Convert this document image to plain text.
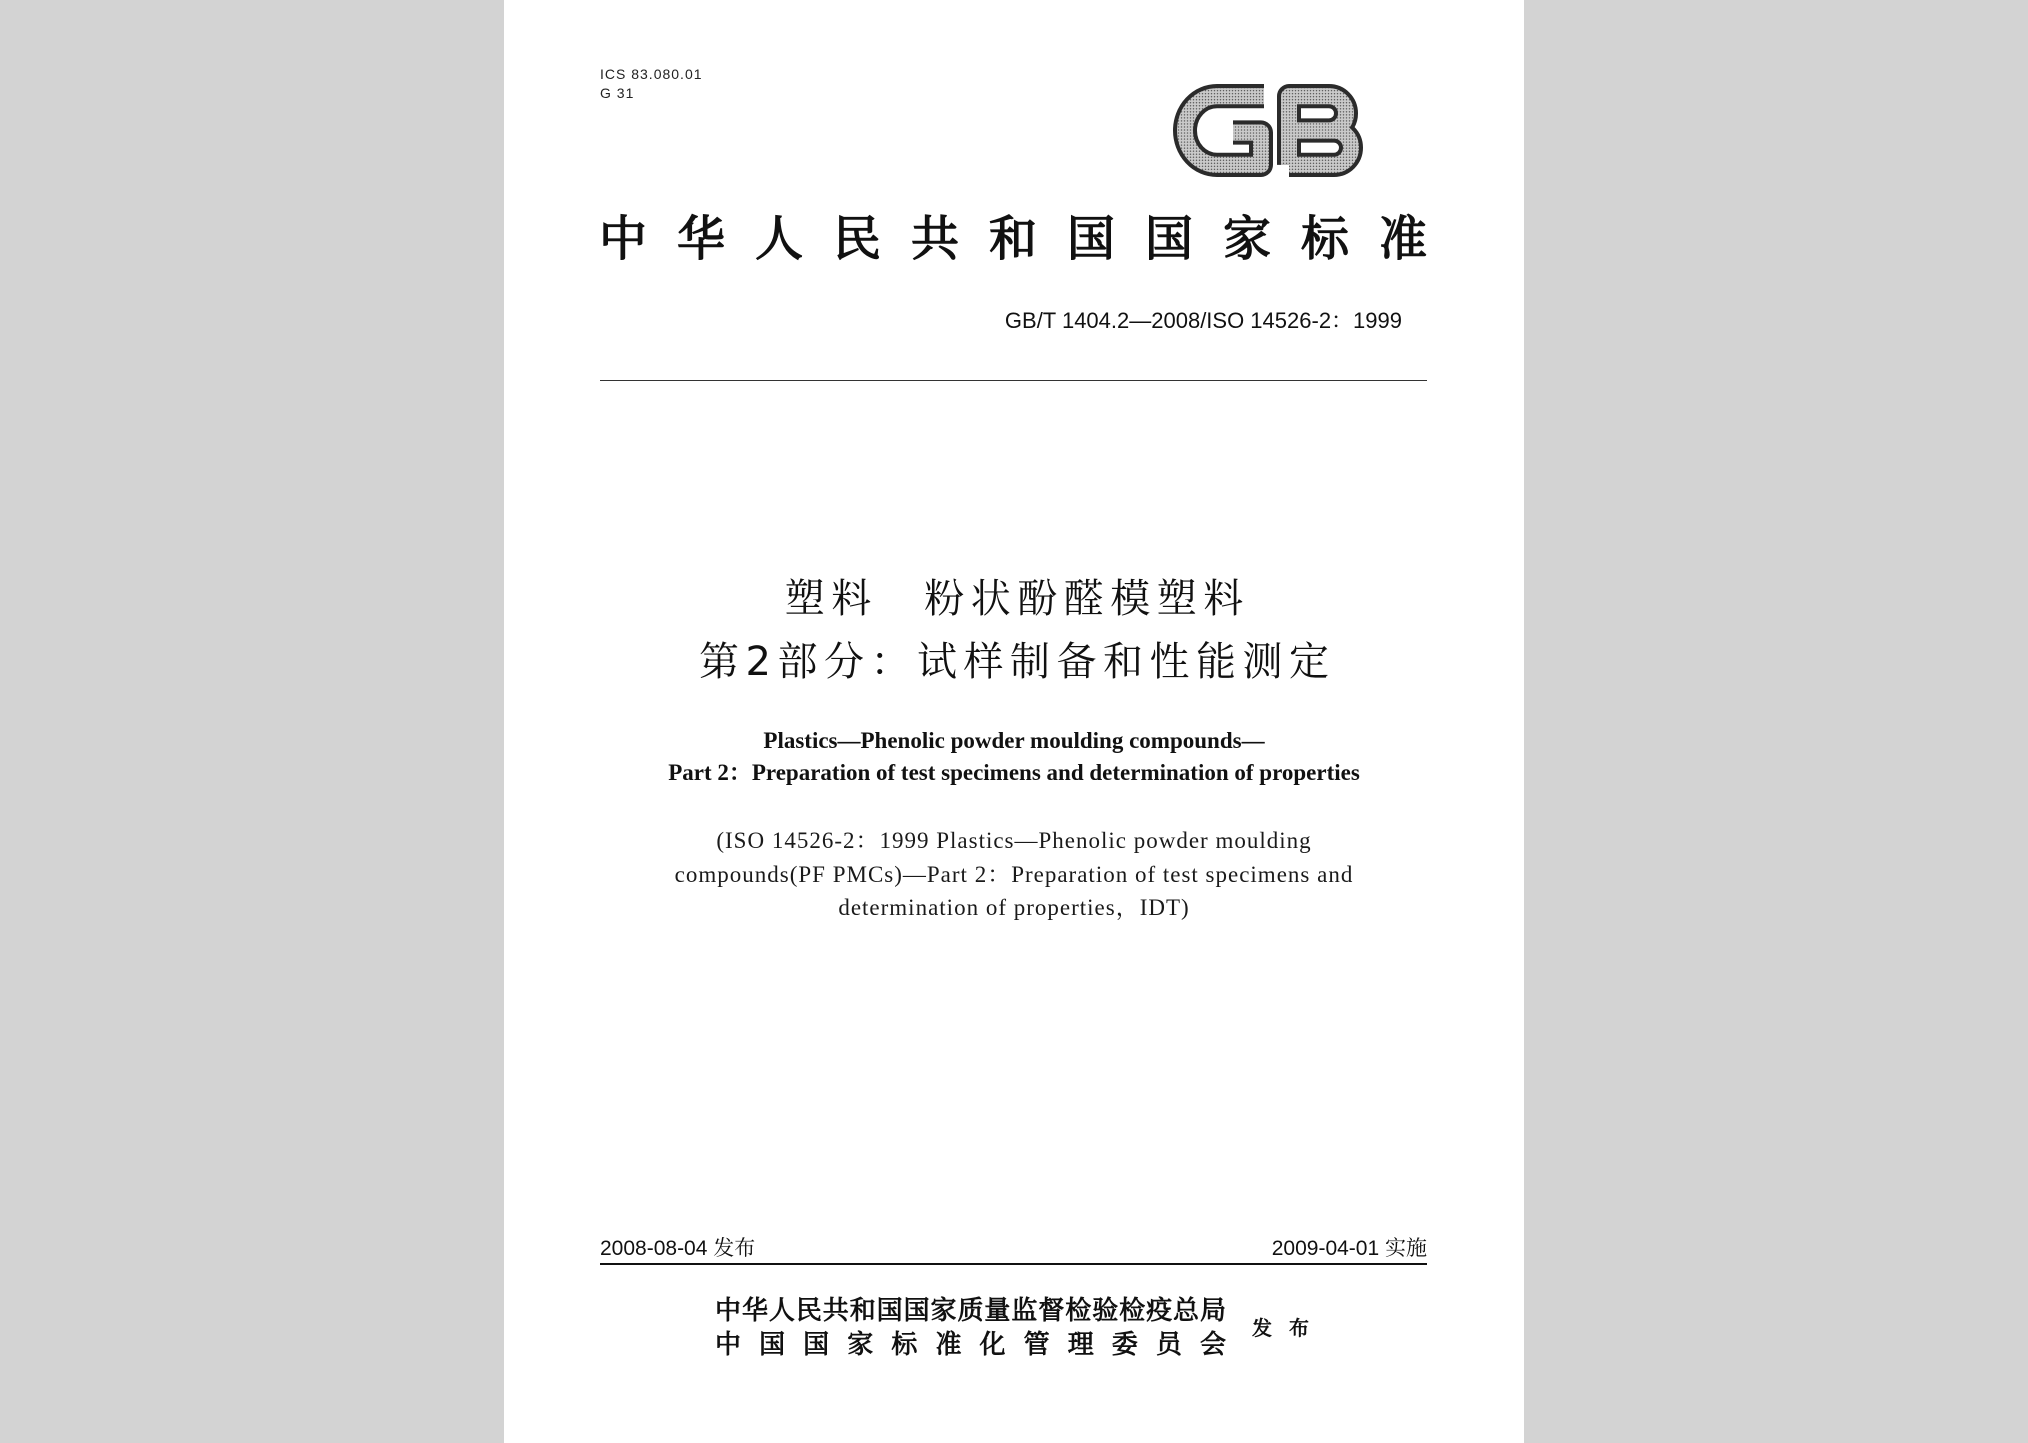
ICS 83.080.01
G 31
中华人民共和国国家标准
GB/T 1404.2—2008/ISO 14526-2：1999
塑料　粉状酚醛模塑料
第2部分：试样制备和性能测定
Plastics—Phenolic powder moulding compounds—
Part 2：Preparation of test specimens and determination of properties
(ISO 14526-2：1999 Plastics—Phenolic powder moulding
compounds(PF PMCs)—Part 2：Preparation of test specimens and
determination of properties，IDT)
2008-08-04 发布	2009-04-01 实施
中华人民共和国国家质量监督检验检疫总局
中国国家标准化管理委员会
发布
